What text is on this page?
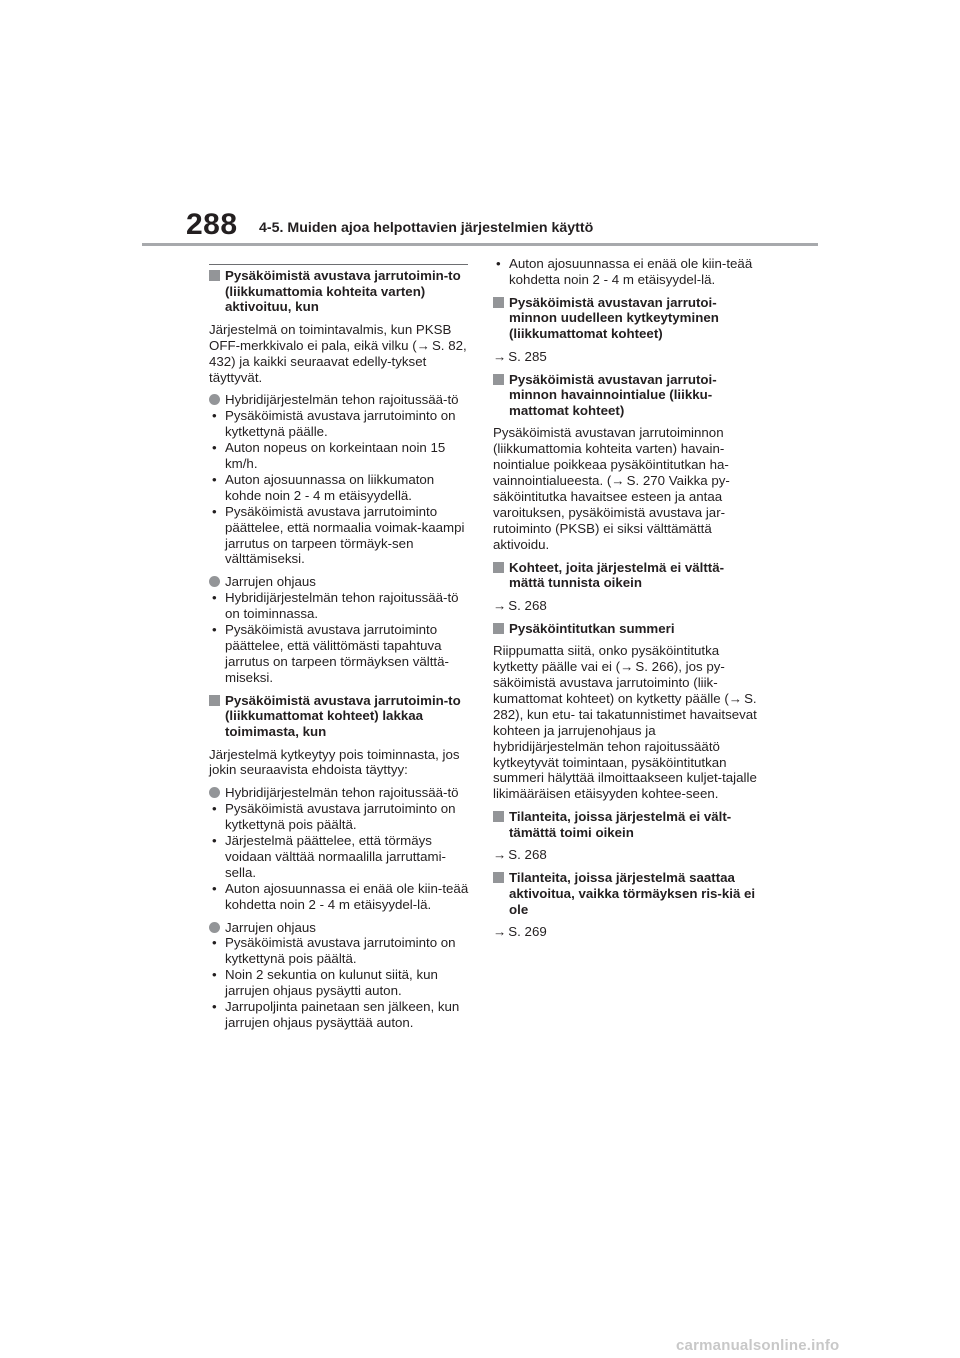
288 4-5. Muiden ajoa helpottavien järjestelmien käyttö
Pysäköimistä avustava jarrutoimin-to (liikkumattomia kohteita varten) aktivoituu, kun

Järjestelmä on toimintavalmis, kun PKSB OFF-merkkivalo ei pala, eikä vilku (→ S. 82, 432) ja kaikki seuraavat edelly-tykset täyttyvät.

Hybridijärjestelmän tehon rajoitussää-tö

• Pysäköimistä avustava jarrutoiminto on kytkettynä päälle.
• Auton nopeus on korkeintaan noin 15 km/h.
• Auton ajosuunnassa on liikkumaton kohde noin 2 - 4 m etäisyydellä.
• Pysäköimistä avustava jarrutoiminto päättelee, että normaalia voimak-kaampi jarrutus on tarpeen törmäyk-sen välttämiseksi.

Jarrujen ohjaus

• Hybridijärjestelmän tehon rajoitussää-tö on toiminnassa.
• Pysäköimistä avustava jarrutoiminto päättelee, että välittömästi tapahtuva jarrutus on tarpeen törmäyksen välttä-miseksi.
Pysäköimistä avustava jarrutoimin-to (liikkumattomat kohteet) lakkaa toimimasta, kun

Järjestelmä kytkeytyy pois toiminnasta, jos jokin seuraavista ehdoista täyttyy:

Hybridijärjestelmän tehon rajoitussää-tö

• Pysäköimistä avustava jarrutoiminto on kytkettynä pois päältä.
• Järjestelmä päättelee, että törmäys voidaan välttää normaalilla jarruttami-sella.
• Auton ajosuunnassa ei enää ole kiin-teää kohdetta noin 2 - 4 m etäisyydel-lä.

Jarrujen ohjaus

• Pysäköimistä avustava jarrutoiminto on kytkettynä pois päältä.
• Noin 2 sekuntia on kulunut siitä, kun jarrujen ohjaus pysäytti auton.
• Jarrupoljinta painetaan sen jälkeen, kun jarrujen ohjaus pysäyttää auton.
• Auton ajosuunnassa ei enää ole kiin-teää kohdetta noin 2 - 4 m etäisyydel-lä.
Pysäköimistä avustavan jarrutoi-minnon uudelleen kytkeytyminen (liikkumattomat kohteet)

→ S. 285

Pysäköimistä avustavan jarrutoi-minnon havainnointialue (liikku-mattomat kohteet)

Pysäköimistä avustavan jarrutoiminnon (liikkumattomia kohteita varten) havain-nointialue poikkeaa pysäköintitutkan ha-vainnointialueesta. (→ S. 270 Vaikka py-säköintitutka havaitsee esteen ja antaa varoituksen, pysäköimistä avustava jar-rutoiminto (PKSB) ei siksi välttämättä aktivoidu.

Kohteet, joita järjestelmä ei välttä-mättä tunnista oikein

→ S. 268

Pysäköintitutkan summeri

Riippumatta siitä, onko pysäköintitutka kytketty päälle vai ei (→ S. 266), jos py-säköimistä avustava jarrutoiminto (liik-kumattomat kohteet) on kytketty päälle (→ S. 282), kun etu- tai takatunnistimet havaitsevat kohteen ja jarrujenohjaus ja hybridijärjestelmän tehon rajoitussäätö kytkeytyvät toimintaan, pysäköintitutkan summeri hälyttää ilmoittaakseen kuljet-tajalle likimääräisen etäisyyden kohtee-seen.

Tilanteita, joissa järjestelmä ei vält-tämättä toimi oikein

→ S. 268

Tilanteita, joissa järjestelmä saattaa aktivoitua, vaikka törmäyksen ris-kiä ei ole

→ S. 269

carmanualsonline.info
